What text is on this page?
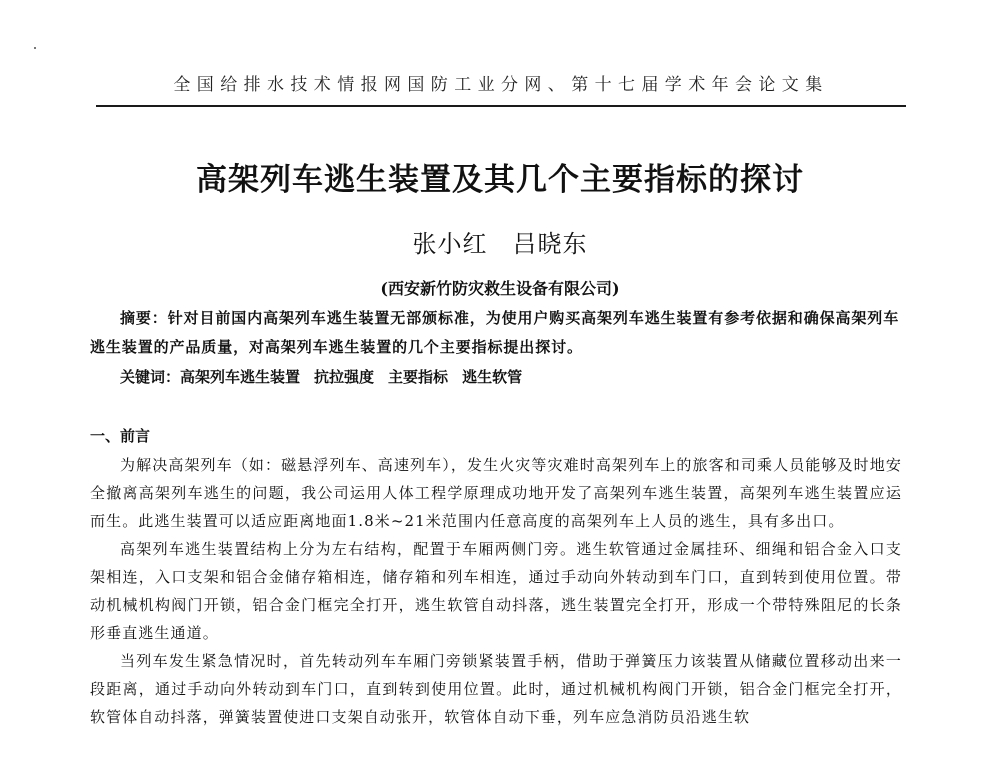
全国给排水技术情报网国防工业分网、第十七届学术年会论文集
高架列车逃生装置及其几个主要指标的探讨
张小红　吕晓东
(西安新竹防灾救生设备有限公司)

摘要：针对目前国内高架列车逃生装置无部颁标准，为使用户购买高架列车逃生装置有参考依据和确保高架列车逃生装置的产品质量，对高架列车逃生装置的几个主要指标提出探讨。

关键词：高架列车逃生装置 抗拉强度 主要指标 逃生软管
一、前言

为解决高架列车（如：磁悬浮列车、高速列车），发生火灾等灾难时高架列车上的旅客和司乘人员能够及时地安全撤离高架列车逃生的问题，我公司运用人体工程学原理成功地开发了高架列车逃生装置，高架列车逃生装置应运而生。此逃生装置可以适应距离地面1.8米~21米范围内任意高度的高架列车上人员的逃生，具有多出口。

高架列车逃生装置结构上分为左右结构，配置于车厢两侧门旁。逃生软管通过金属挂环、细绳和铝合金入口支架相连，入口支架和铝合金储存箱相连，储存箱和列车相连，通过手动向外转动到车门口，直到转到使用位置。带动机械机构阀门开锁，铝合金门框完全打开，逃生软管自动抖落，逃生装置完全打开，形成一个带特殊阻尼的长条形垂直逃生通道。

当列车发生紧急情况时，首先转动列车车厢门旁锁紧装置手柄，借助于弹簧压力该装置从储藏位置移动出来一段距离，通过手动向外转动到车门口，直到转到使用位置。此时，通过机械机构阀门开锁，铝合金门框完全打开，软管体自动抖落，弹簧装置使进口支架自动张开，软管体自动下垂，列车应急消防员沿逃生软
